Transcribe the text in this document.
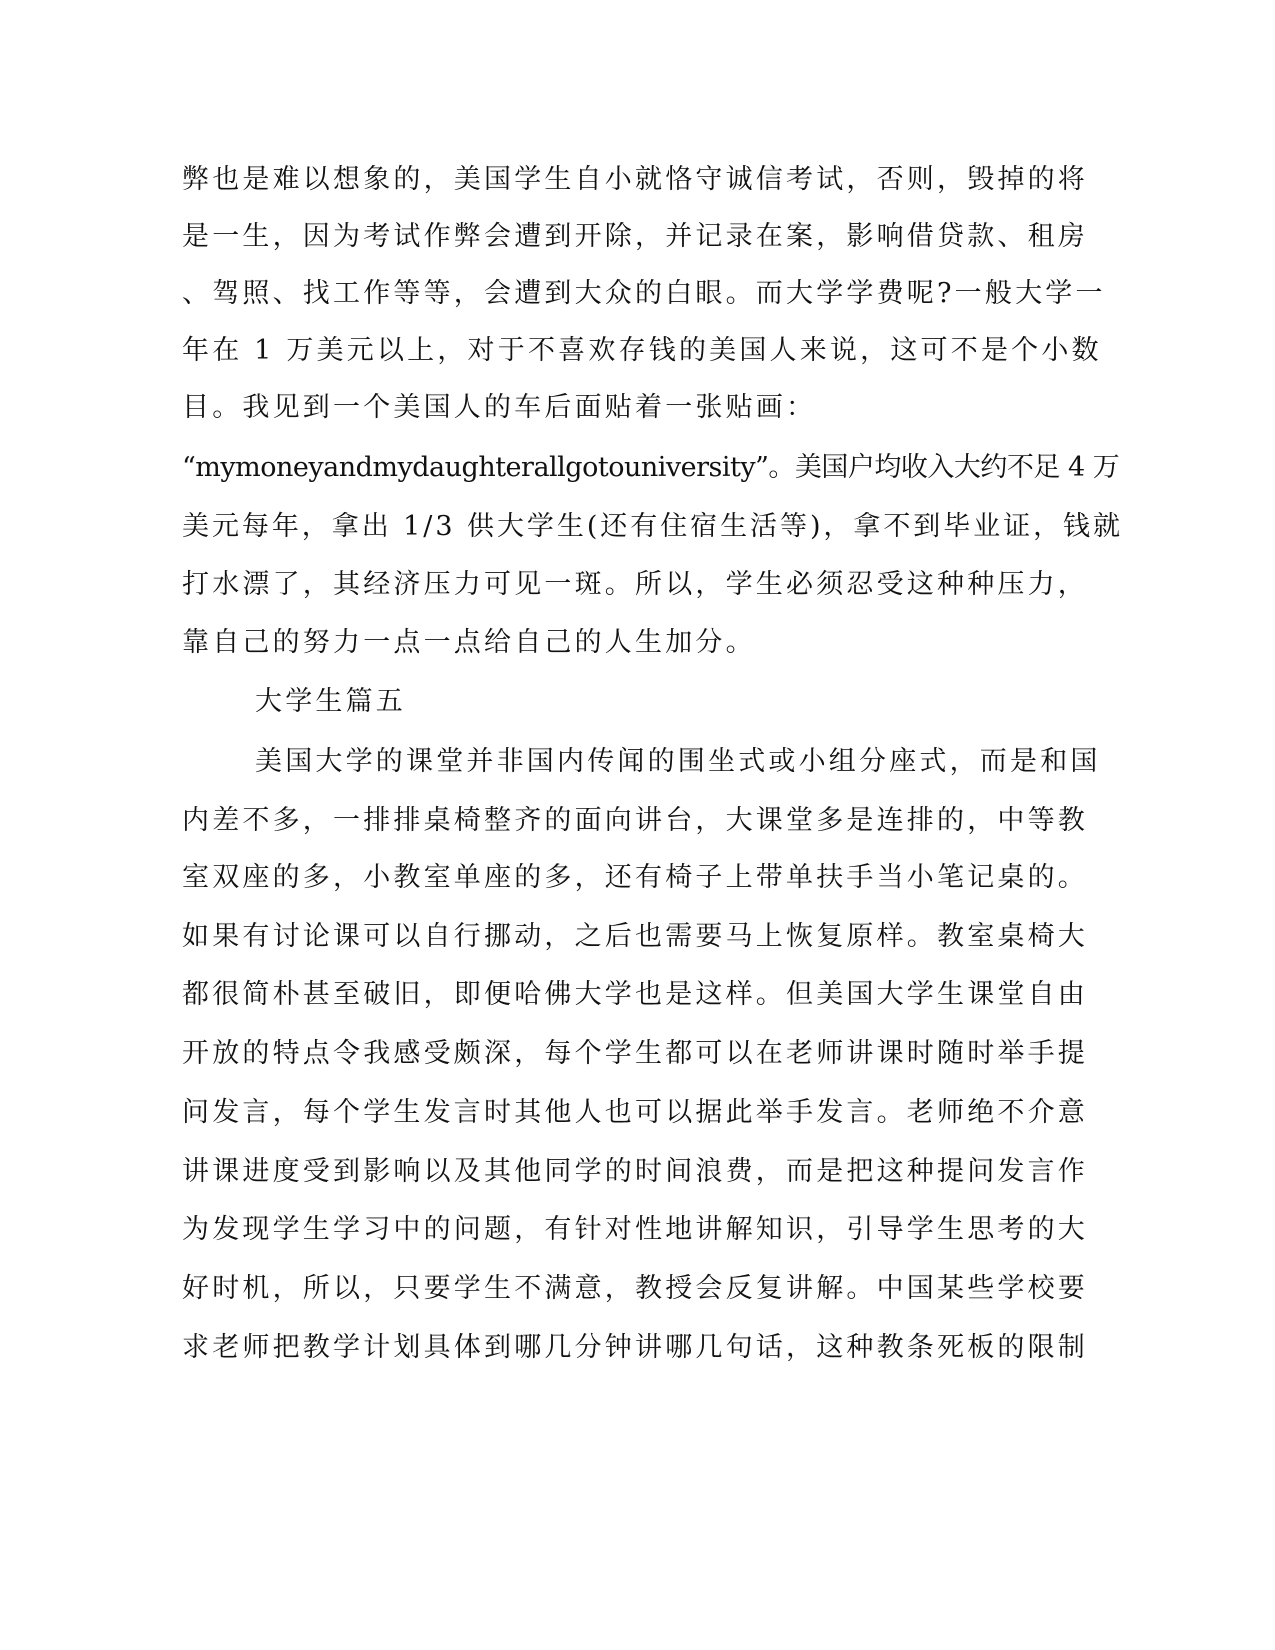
弊也是难以想象的，美国学生自小就恪守诚信考试，否则，毁掉的将
是一生，因为考试作弊会遭到开除，并记录在案，影响借贷款、租房
、驾照、找工作等等，会遭到大众的白眼。而大学学费呢?一般大学一
年在 1 万美元以上，对于不喜欢存钱的美国人来说，这可不是个小数
目。我见到一个美国人的车后面贴着一张贴画：
“mymoneyandmydaughterallgotouniversity”。美国户均收入大约不足 4 万
美元每年，拿出 1/3 供大学生(还有住宿生活等)，拿不到毕业证，钱就
打水漂了，其经济压力可见一斑。所以，学生必须忍受这种种压力，
靠自己的努力一点一点给自己的人生加分。
大学生篇五
美国大学的课堂并非国内传闻的围坐式或小组分座式，而是和国
内差不多，一排排桌椅整齐的面向讲台，大课堂多是连排的，中等教
室双座的多，小教室单座的多，还有椅子上带单扶手当小笔记桌的。
如果有讨论课可以自行挪动，之后也需要马上恢复原样。教室桌椅大
都很简朴甚至破旧，即便哈佛大学也是这样。但美国大学生课堂自由
开放的特点令我感受颇深，每个学生都可以在老师讲课时随时举手提
问发言，每个学生发言时其他人也可以据此举手发言。老师绝不介意
讲课进度受到影响以及其他同学的时间浪费，而是把这种提问发言作
为发现学生学习中的问题，有针对性地讲解知识，引导学生思考的大
好时机，所以，只要学生不满意，教授会反复讲解。中国某些学校要
求老师把教学计划具体到哪几分钟讲哪几句话，这种教条死板的限制
